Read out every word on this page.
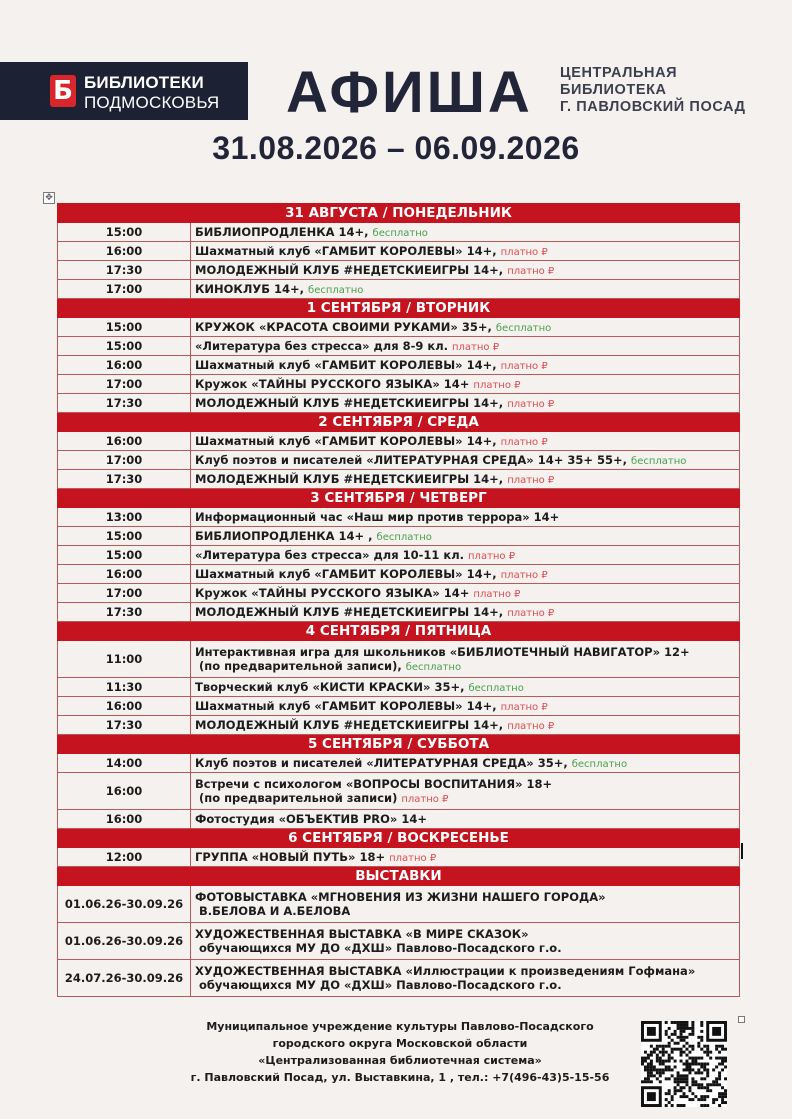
Б БИБЛИОТЕКИ
ПОДМОСКОВЬЯ АФИША ЦЕНТРАЛЬНАЯ
БИБЛИОТЕКА
Г. ПАВЛОВСКИЙ ПОСАД
31.08.2026 – 06.09.2026
✥
31 АВГУСТА / ПОНЕДЕЛЬНИК	
15:00	БИБЛИОПРОДЛЕНКА 14+, бесплатно

16:00	Шахматный клуб «ГАМБИТ КОРОЛЕВЫ» 14+, платно ₽

17:30	МОЛОДЕЖНЫЙ КЛУБ #НЕДЕТСКИЕИГРЫ 14+, платно ₽

17:00	КИНОКЛУБ 14+, бесплатно

1 СЕНТЯБРЯ / ВТОРНИК	
15:00	КРУЖОК «КРАСОТА СВОИМИ РУКАМИ» 35+, бесплатно

15:00	«Литература без стресса» для 8-9 кл. платно ₽

16:00	Шахматный клуб «ГАМБИТ КОРОЛЕВЫ» 14+, платно ₽

17:00	Кружок «ТАЙНЫ РУССКОГО ЯЗЫКА» 14+ платно ₽

17:30	МОЛОДЕЖНЫЙ КЛУБ #НЕДЕТСКИЕИГРЫ 14+, платно ₽

2 СЕНТЯБРЯ / СРЕДА	
16:00	Шахматный клуб «ГАМБИТ КОРОЛЕВЫ» 14+, платно ₽

17:00	Клуб поэтов и писателей «ЛИТЕРАТУРНАЯ СРЕДА» 14+ 35+ 55+, бесплатно

17:30	МОЛОДЕЖНЫЙ КЛУБ #НЕДЕТСКИЕИГРЫ 14+, платно ₽

3 СЕНТЯБРЯ / ЧЕТВЕРГ	
13:00	Информационный час «Наш мир против террора» 14+

15:00	БИБЛИОПРОДЛЕНКА 14+ , бесплатно

15:00	«Литература без стресса» для 10-11 кл. платно ₽

16:00	Шахматный клуб «ГАМБИТ КОРОЛЕВЫ» 14+, платно ₽

17:00	Кружок «ТАЙНЫ РУССКОГО ЯЗЫКА» 14+ платно ₽

17:30	МОЛОДЕЖНЫЙ КЛУБ #НЕДЕТСКИЕИГРЫ 14+, платно ₽

4 СЕНТЯБРЯ / ПЯТНИЦА	
11:00	Интерактивная игра для школьников «БИБЛИОТЕЧНЫЙ НАВИГАТОР» 12+
(по предварительной записи), бесплатно

11:30	Творческий клуб «КИСТИ КРАСКИ» 35+, бесплатно

16:00	Шахматный клуб «ГАМБИТ КОРОЛЕВЫ» 14+, платно ₽

17:30	МОЛОДЕЖНЫЙ КЛУБ #НЕДЕТСКИЕИГРЫ 14+, платно ₽

5 СЕНТЯБРЯ / СУББОТА	
14:00	Клуб поэтов и писателей «ЛИТЕРАТУРНАЯ СРЕДА» 35+, бесплатно

16:00	Встречи с психологом «ВОПРОСЫ ВОСПИТАНИЯ» 18+
(по предварительной записи) платно ₽

16:00	Фотостудия «ОБЪЕКТИВ PRO» 14+

6 СЕНТЯБРЯ / ВОСКРЕСЕНЬЕ	
12:00	ГРУППА «НОВЫЙ ПУТЬ» 18+ платно ₽

ВЫСТАВКИ	
01.06.26-30.09.26	ФОТОВЫСТАВКА «МГНОВЕНИЯ ИЗ ЖИЗНИ НАШЕГО ГОРОДА»
В.БЕЛОВА И А.БЕЛОВА

01.06.26-30.09.26	ХУДОЖЕСТВЕННАЯ ВЫСТАВКА «В МИРЕ СКАЗОК»
обучающихся МУ ДО «ДХШ» Павлово-Посадского г.о.

24.07.26-30.09.26	ХУДОЖЕСТВЕННАЯ ВЫСТАВКА «Иллюстрации к произведениям Гофмана»
обучающихся МУ ДО «ДХШ» Павлово-Посадского г.о.
Муниципальное учреждение культуры Павлово-Посадского
городского округа Московской области
«Централизованная библиотечная система»
г. Павловский Посад, ул. Выставкина, 1 , тел.: +7(496-43)5-15-56
